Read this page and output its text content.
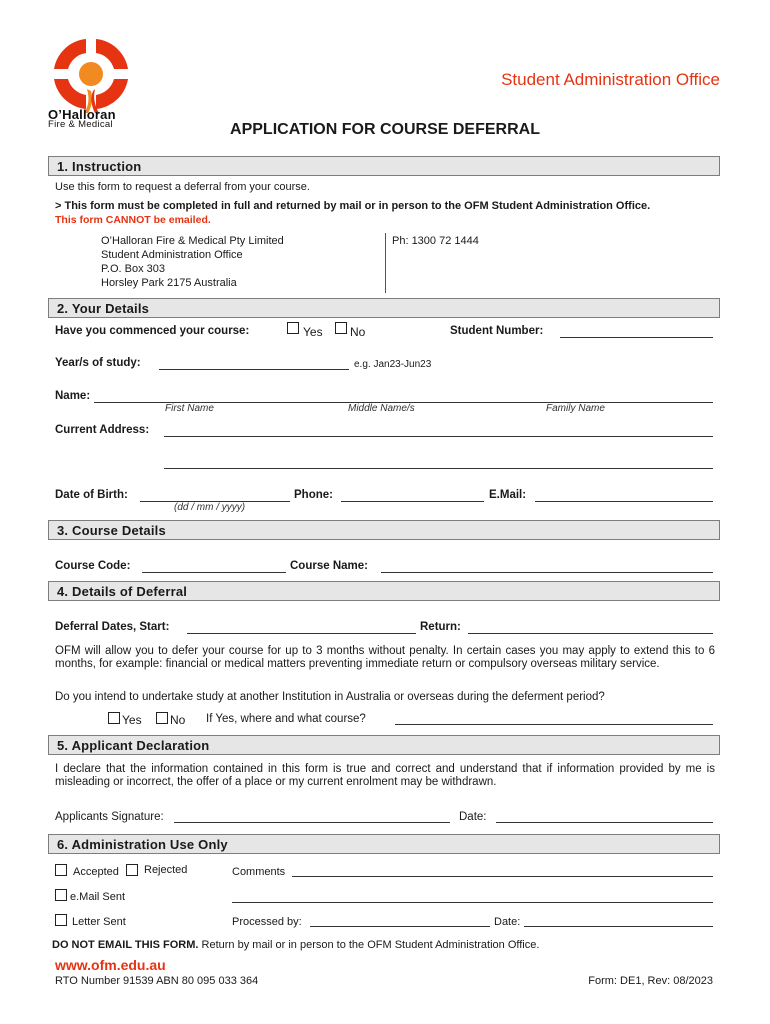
O’Halloran
Fire & Medical
Student Administration Office
APPLICATION FOR COURSE DEFERRAL
1. Instruction
Use this form to request a deferral from your course.
> This form must be completed in full and returned by mail or in person to the OFM Student Administration Office.
This form CANNOT be emailed.
O’Halloran Fire & Medical Pty Limited
Student Administration Office
P.O. Box 303
Horsley Park 2175 Australia
Ph: 1300 72 1444
2. Your Details
Have you commenced your course:	Yes No	Student Number:
Year/s of study:	e.g. Jan23-Jun23
Name:
First Name	Middle Name/s	Family Name
Current Address:
Date of Birth:
(dd / mm / yyyy)
Phone:	E.Mail:
3. Course Details
Course Code:	Course Name:
4. Details of Deferral
Deferral Dates, Start:	Return:
OFM will allow you to defer your course for up to 3 months without penalty. In certain cases you may apply to extend this to 6 months, for example: financial or medical matters preventing immediate return or compulsory overseas military service.
Do you intend to undertake study at another Institution in Australia or overseas during the deferment period?
Yes No If Yes, where and what course?
5. Applicant Declaration
I declare that the information contained in this form is true and correct and understand that if information provided by me is misleading or incorrect, the offer of a place or my current enrolment may be withdrawn.
Applicants Signature:	Date:
6. Administration Use Only
Accepted Rejected	Comments
e.Mail Sent
Letter Sent	Processed by:	Date:
DO NOT EMAIL THIS FORM. Return by mail or in person to the OFM Student Administration Office.
www.ofm.edu.au
RTO Number 91539 ABN 80 095 033 364	Form: DE1, Rev: 08/2023
